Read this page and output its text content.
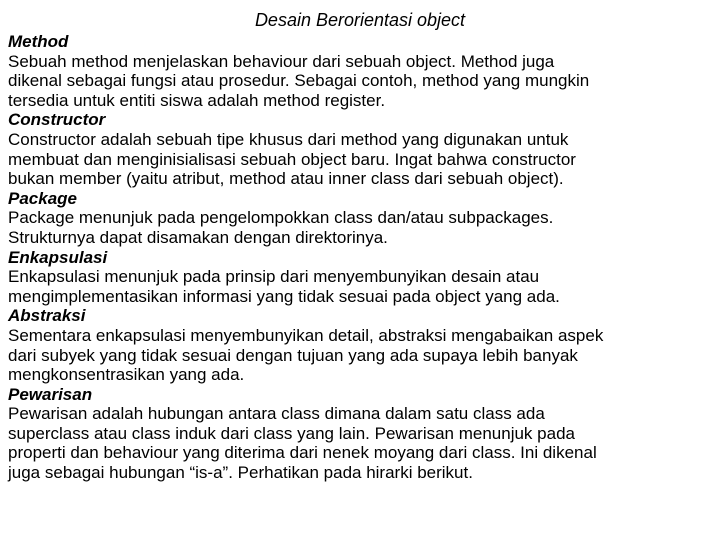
Desain Berorientasi object

Method

Sebuah method menjelaskan behaviour dari sebuah object. Method juga

dikenal sebagai fungsi atau prosedur. Sebagai contoh, method yang mungkin

tersedia untuk entiti siswa adalah method register.

Constructor

Constructor adalah sebuah tipe khusus dari method yang digunakan untuk

membuat dan menginisialisasi sebuah object baru. Ingat bahwa constructor

bukan member (yaitu atribut, method atau inner class dari sebuah object).

Package

Package menunjuk pada pengelompokkan class dan/atau subpackages.

Strukturnya dapat disamakan dengan direktorinya.

Enkapsulasi

Enkapsulasi menunjuk pada prinsip dari menyembunyikan desain atau

mengimplementasikan informasi yang tidak sesuai pada object yang ada.

Abstraksi

Sementara enkapsulasi menyembunyikan detail, abstraksi mengabaikan aspek

dari subyek yang tidak sesuai dengan tujuan yang ada supaya lebih banyak

mengkonsentrasikan yang ada.

Pewarisan

Pewarisan adalah hubungan antara class dimana dalam satu class ada

superclass atau class induk dari class yang lain. Pewarisan menunjuk pada

properti dan behaviour yang diterima dari nenek moyang dari class. Ini dikenal

juga sebagai hubungan “is-a”. Perhatikan pada hirarki berikut.
